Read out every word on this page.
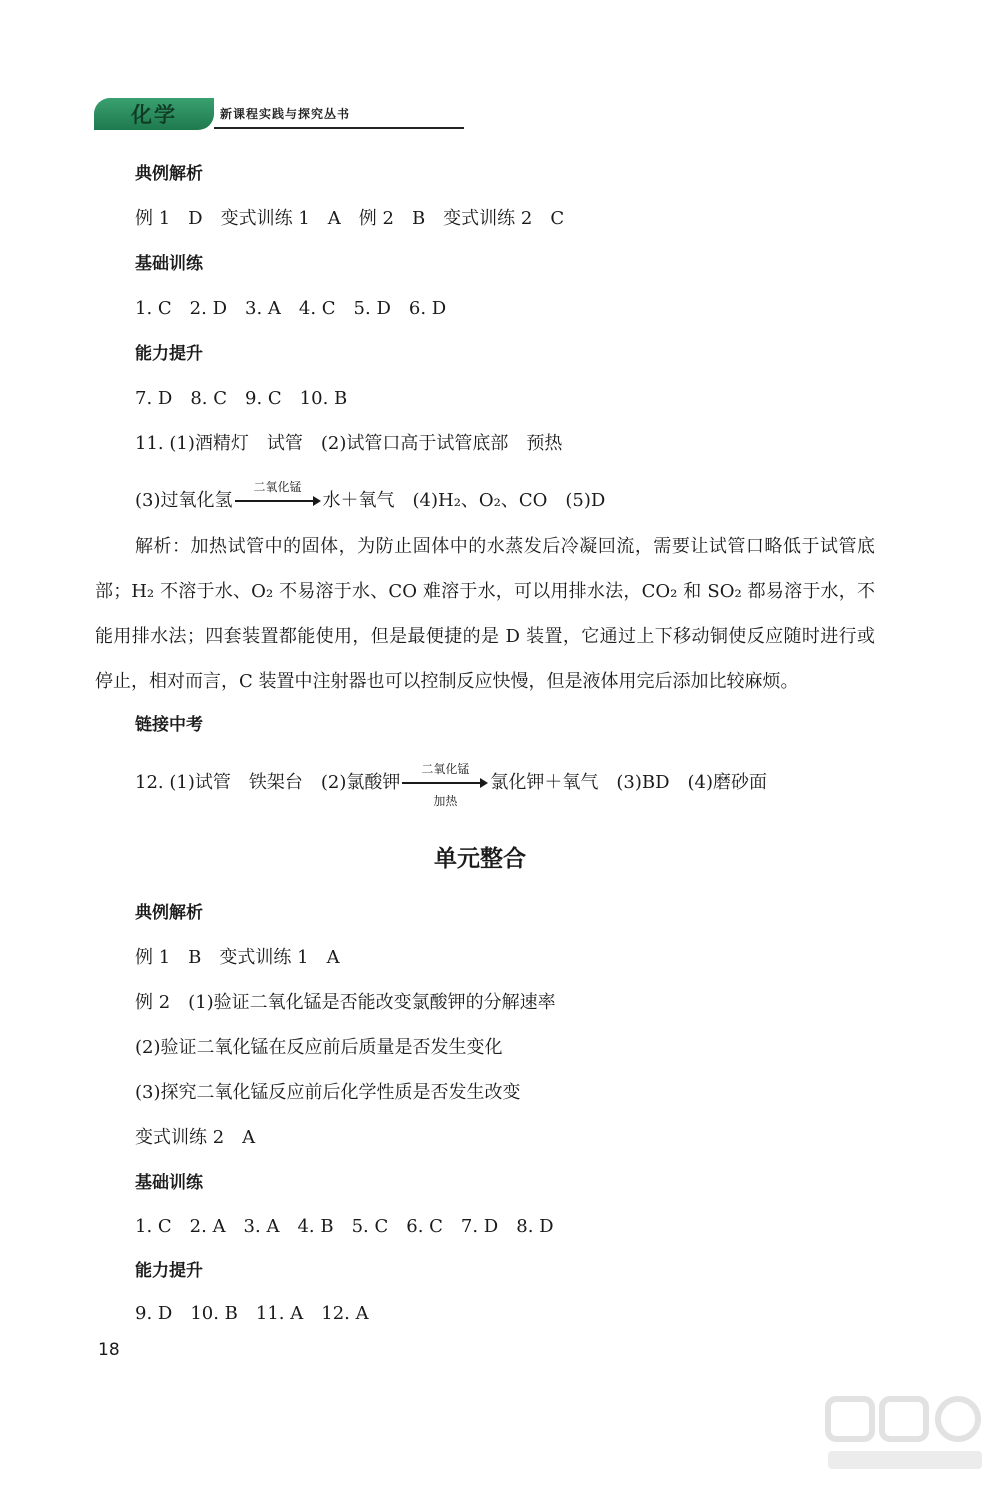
化学	新课程实践与探究丛书
典例解析
例 1　D　变式训练 1　A　例 2　B　变式训练 2　C
基础训练
1. C　2. D　3. A　4. C　5. D　6. D
能力提升
7. D　8. C　9. C　10. B
11. (1)酒精灯　试管　(2)试管口高于试管底部　预热
(3)过氧化氢
二氧化锰
水＋氧气　(4)H₂、O₂、CO　(5)D
解析：加热试管中的固体，为防止固体中的水蒸发后冷凝回流，需要让试管口略低于试管底部；H₂ 不溶于水、O₂ 不易溶于水、CO 难溶于水，可以用排水法，CO₂ 和 SO₂ 都易溶于水，不能用排水法；四套装置都能使用，但是最便捷的是 D 装置，它通过上下移动铜使反应随时进行或停止，相对而言，C 装置中注射器也可以控制反应快慢，但是液体用完后添加比较麻烦。
链接中考
12. (1)试管　铁架台　(2)氯酸钾
二氧化锰
加热
氯化钾＋氧气　(3)BD　(4)磨砂面
单元整合
典例解析
例 1　B　变式训练 1　A
例 2　(1)验证二氧化锰是否能改变氯酸钾的分解速率
(2)验证二氧化锰在反应前后质量是否发生变化
(3)探究二氧化锰反应前后化学性质是否发生改变
变式训练 2　A
基础训练
1. C　2. A　3. A　4. B　5. C　6. C　7. D　8. D
能力提升
9. D　10. B　11. A　12. A
18
